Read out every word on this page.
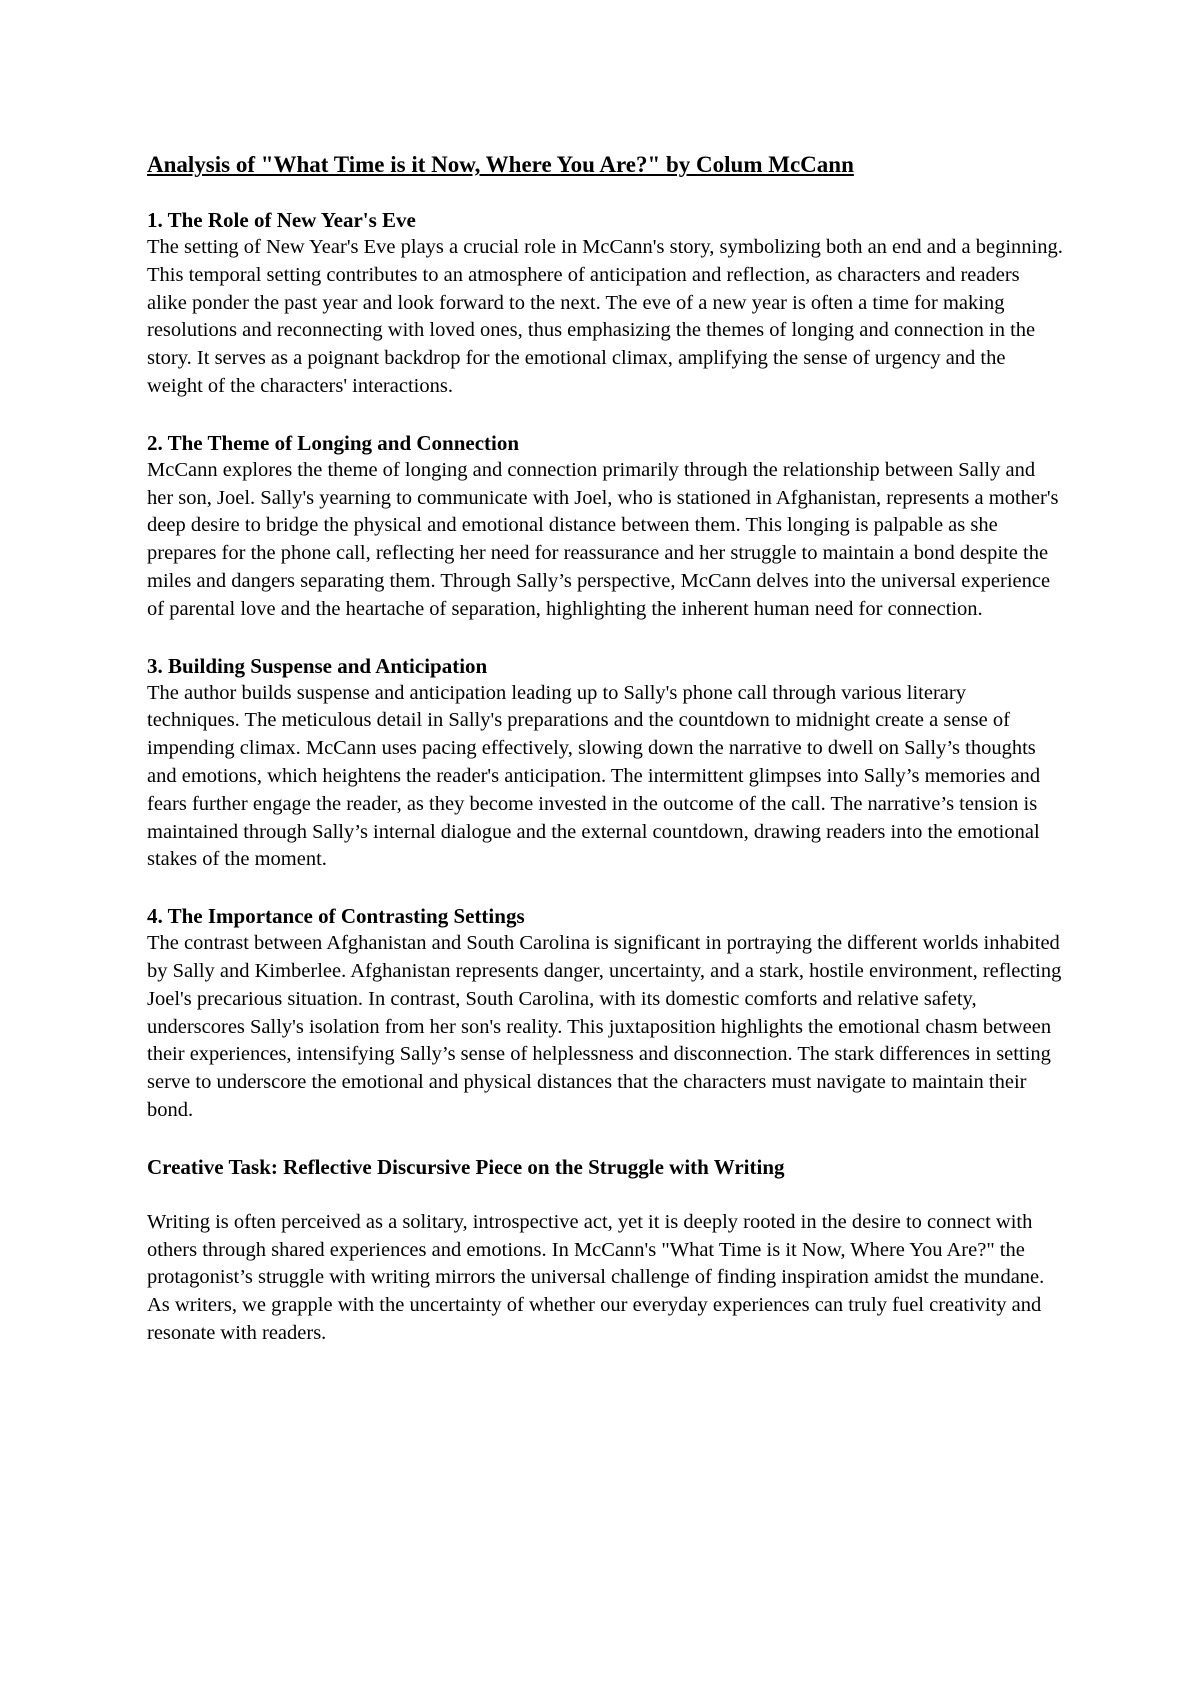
Analysis of "What Time is it Now, Where You Are?" by Colum McCann
1. The Role of New Year's Eve
The setting of New Year's Eve plays a crucial role in McCann's story, symbolizing both an end and a beginning. This temporal setting contributes to an atmosphere of anticipation and reflection, as characters and readers alike ponder the past year and look forward to the next. The eve of a new year is often a time for making resolutions and reconnecting with loved ones, thus emphasizing the themes of longing and connection in the story. It serves as a poignant backdrop for the emotional climax, amplifying the sense of urgency and the weight of the characters' interactions.
2. The Theme of Longing and Connection
McCann explores the theme of longing and connection primarily through the relationship between Sally and her son, Joel. Sally's yearning to communicate with Joel, who is stationed in Afghanistan, represents a mother's deep desire to bridge the physical and emotional distance between them. This longing is palpable as she prepares for the phone call, reflecting her need for reassurance and her struggle to maintain a bond despite the miles and dangers separating them. Through Sally’s perspective, McCann delves into the universal experience of parental love and the heartache of separation, highlighting the inherent human need for connection.
3. Building Suspense and Anticipation
The author builds suspense and anticipation leading up to Sally's phone call through various literary techniques. The meticulous detail in Sally's preparations and the countdown to midnight create a sense of impending climax. McCann uses pacing effectively, slowing down the narrative to dwell on Sally’s thoughts and emotions, which heightens the reader's anticipation. The intermittent glimpses into Sally’s memories and fears further engage the reader, as they become invested in the outcome of the call. The narrative’s tension is maintained through Sally’s internal dialogue and the external countdown, drawing readers into the emotional stakes of the moment.
4. The Importance of Contrasting Settings
The contrast between Afghanistan and South Carolina is significant in portraying the different worlds inhabited by Sally and Kimberlee. Afghanistan represents danger, uncertainty, and a stark, hostile environment, reflecting Joel's precarious situation. In contrast, South Carolina, with its domestic comforts and relative safety, underscores Sally's isolation from her son's reality. This juxtaposition highlights the emotional chasm between their experiences, intensifying Sally’s sense of helplessness and disconnection. The stark differences in setting serve to underscore the emotional and physical distances that the characters must navigate to maintain their bond.
Creative Task: Reflective Discursive Piece on the Struggle with Writing
Writing is often perceived as a solitary, introspective act, yet it is deeply rooted in the desire to connect with others through shared experiences and emotions. In McCann's "What Time is it Now, Where You Are?" the protagonist’s struggle with writing mirrors the universal challenge of finding inspiration amidst the mundane. As writers, we grapple with the uncertainty of whether our everyday experiences can truly fuel creativity and resonate with readers.
